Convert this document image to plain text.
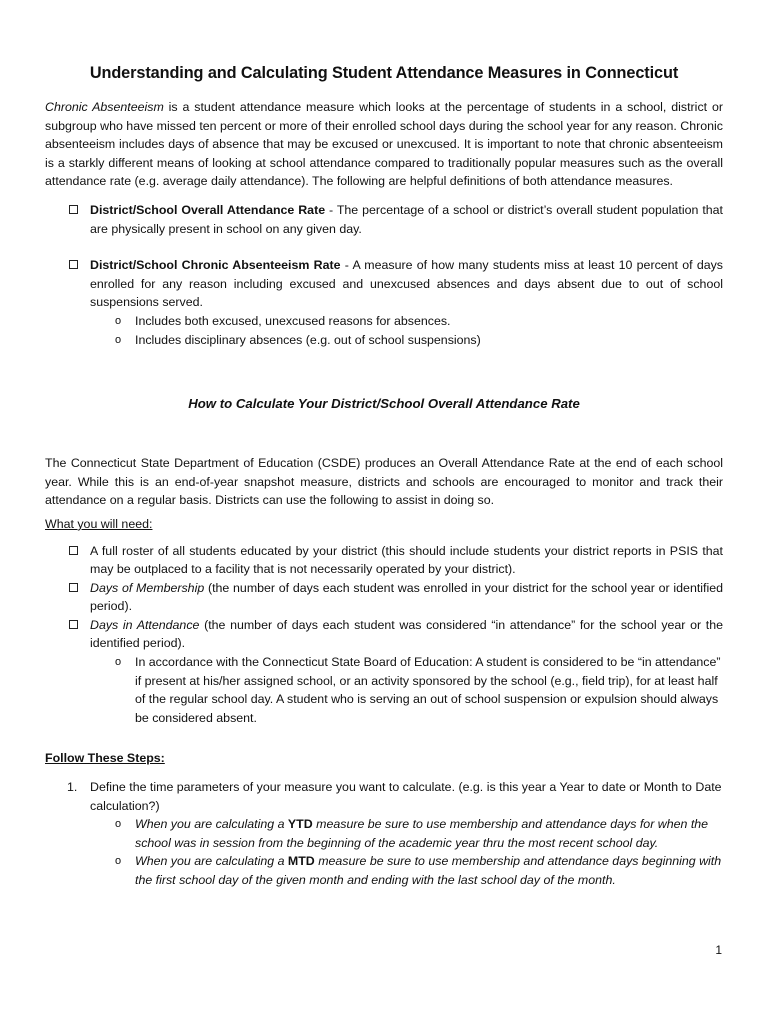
Understanding and Calculating Student Attendance Measures in Connecticut

Chronic Absenteeism is a student attendance measure which looks at the percentage of students in a school, district or subgroup who have missed ten percent or more of their enrolled school days during the school year for any reason. Chronic absenteeism includes days of absence that may be excused or unexcused. It is important to note that chronic absenteeism is a starkly different means of looking at school attendance compared to traditionally popular measures such as the overall attendance rate (e.g. average daily attendance). The following are helpful definitions of both attendance measures.

District/School Overall Attendance Rate - The percentage of a school or district’s overall student population that are physically present in school on any given day.
District/School Chronic Absenteeism Rate - A measure of how many students miss at least 10 percent of days enrolled for any reason including excused and unexcused absences and days absent due to out of school suspensions served.
o Includes both excused, unexcused reasons for absences.
o Includes disciplinary absences (e.g. out of school suspensions)
How to Calculate Your District/School Overall Attendance Rate

The Connecticut State Department of Education (CSDE) produces an Overall Attendance Rate at the end of each school year. While this is an end-of-year snapshot measure, districts and schools are encouraged to monitor and track their attendance on a regular basis. Districts can use the following to assist in doing so.

What you will need:

A full roster of all students educated by your district (this should include students your district reports in PSIS that may be outplaced to a facility that is not necessarily operated by your district).
Days of Membership (the number of days each student was enrolled in your district for the school year or identified period).
Days in Attendance (the number of days each student was considered “in attendance” for the school year or the identified period).
o In accordance with the Connecticut State Board of Education: A student is considered to be “in attendance” if present at his/her assigned school, or an activity sponsored by the school (e.g., field trip), for at least half of the regular school day. A student who is serving an out of school suspension or expulsion should always be considered absent.

Follow These Steps:

1. Define the time parameters of your measure you want to calculate. (e.g. is this year a Year to date or Month to Date calculation?)
o When you are calculating a YTD measure be sure to use membership and attendance days for when the school was in session from the beginning of the academic year thru the most recent school day.
o When you are calculating a MTD measure be sure to use membership and attendance days beginning with the first school day of the given month and ending with the last school day of the month.
1
